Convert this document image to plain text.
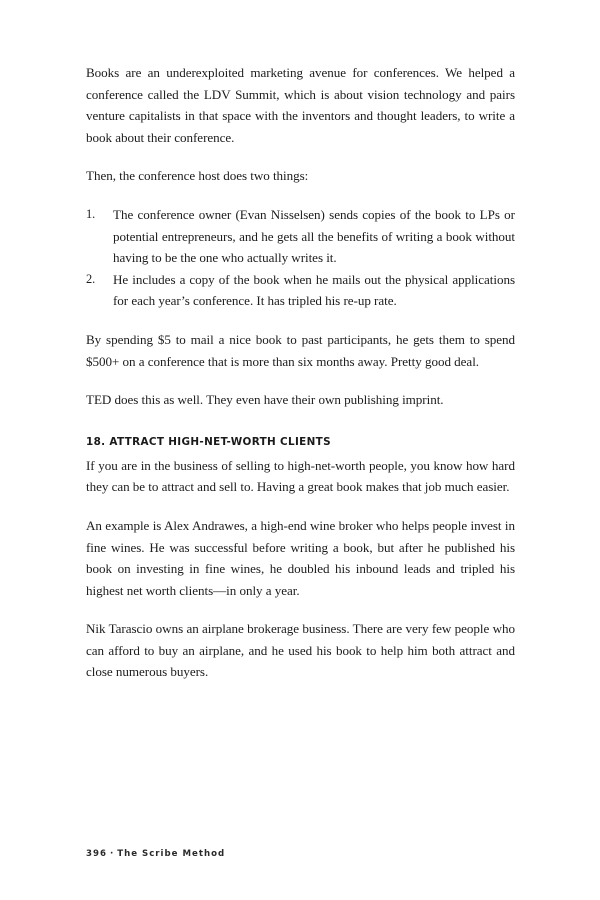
Books are an underexploited marketing avenue for conferences. We helped a conference called the LDV Summit, which is about vision technology and pairs venture capitalists in that space with the inventors and thought leaders, to write a book about their conference.

Then, the conference host does two things:

1.	The conference owner (Evan Nisselsen) sends copies of the book to LPs or potential entrepreneurs, and he gets all the benefits of writing a book without having to be the one who actually writes it.
2.	He includes a copy of the book when he mails out the physical applications for each year’s conference. It has tripled his re-up rate.

By spending $5 to mail a nice book to past participants, he gets them to spend $500+ on a conference that is more than six months away. Pretty good deal.

TED does this as well. They even have their own publishing imprint.

18. ATTRACT HIGH-NET-WORTH CLIENTS

If you are in the business of selling to high-net-worth people, you know how hard they can be to attract and sell to. Having a great book makes that job much easier.

An example is Alex Andrawes, a high-end wine broker who helps people invest in fine wines. He was successful before writing a book, but after he published his book on investing in fine wines, he doubled his inbound leads and tripled his highest net worth clients—in only a year.

Nik Tarascio owns an airplane brokerage business. There are very few people who can afford to buy an airplane, and he used his book to help him both attract and close numerous buyers.

396 · The Scribe Method
